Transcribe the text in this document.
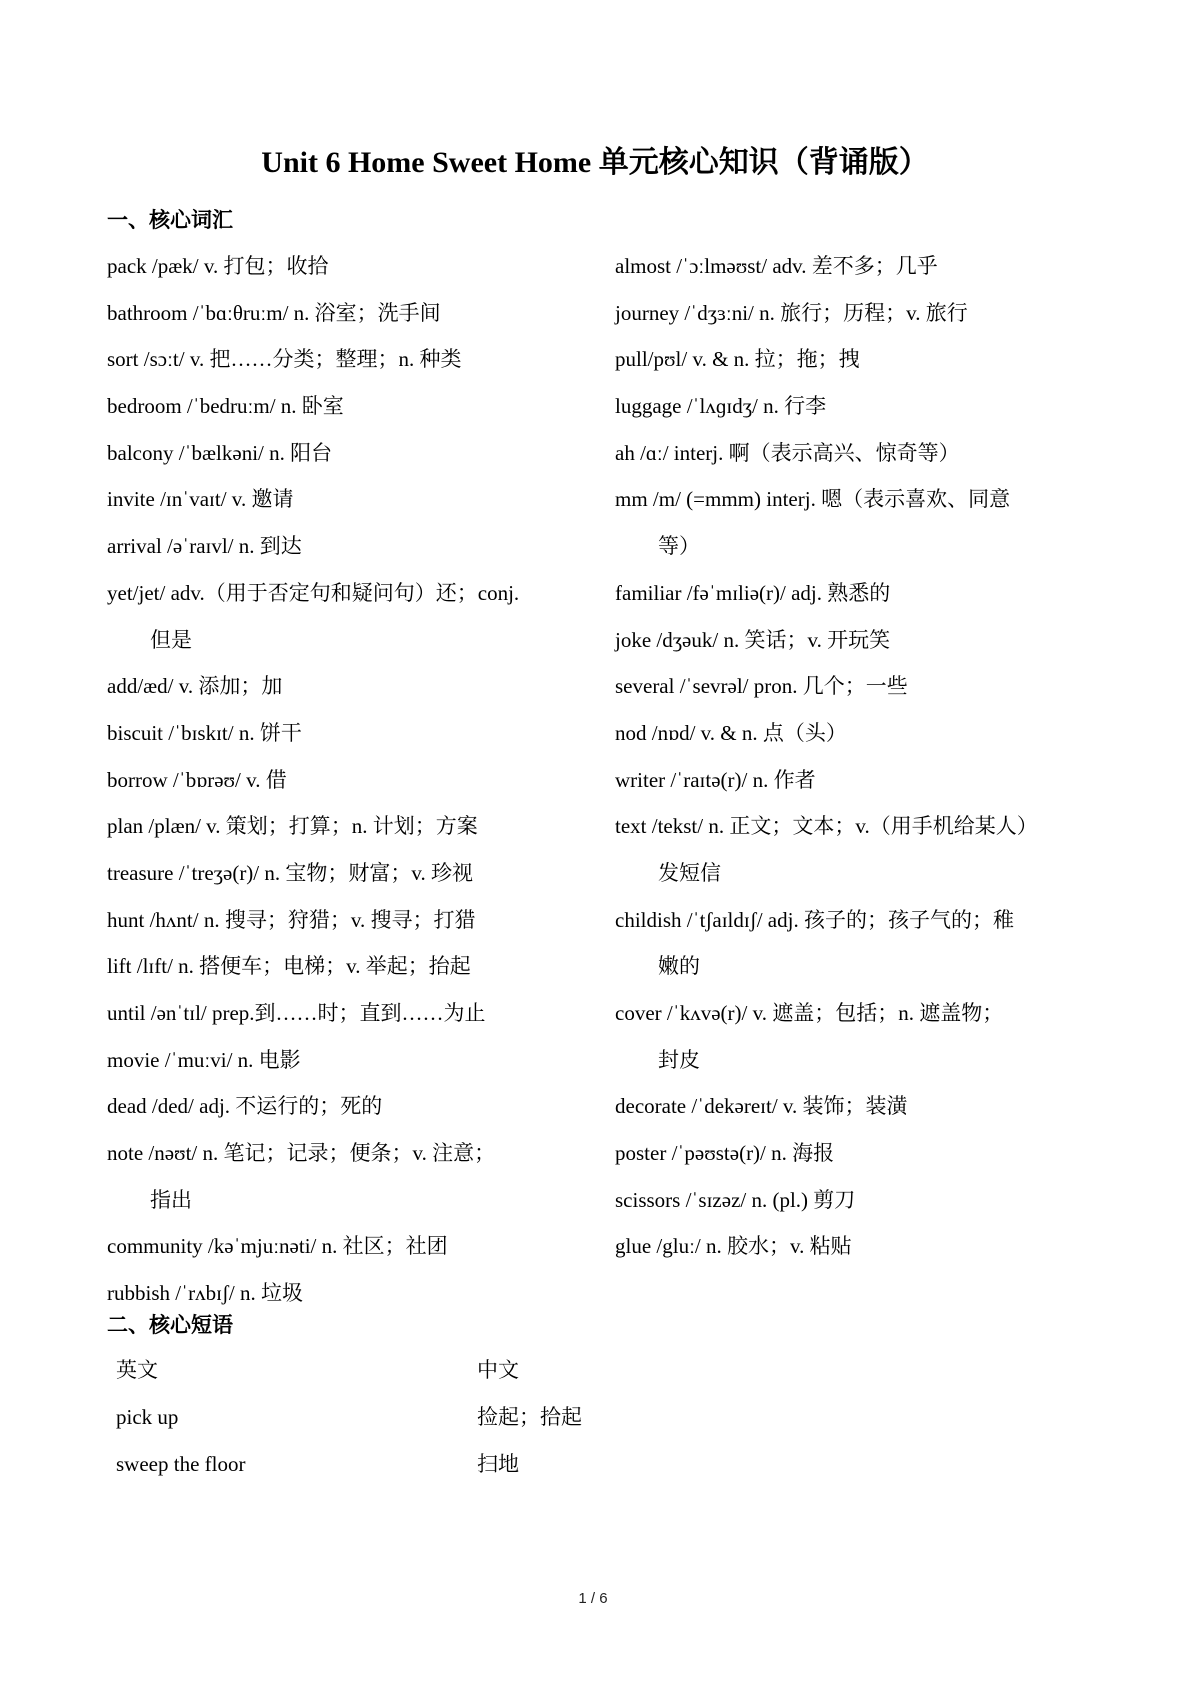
Unit 6 Home Sweet Home 单元核心知识（背诵版）
一、核心词汇
pack /pæk/ v. 打包；收拾
bathroom /ˈbɑːθruːm/ n. 浴室；洗手间
sort /sɔːt/ v. 把……分类；整理；n. 种类
bedroom /ˈbedruːm/ n. 卧室
balcony /ˈbælkəni/ n. 阳台
invite /ɪnˈvaɪt/ v. 邀请
arrival /əˈraɪvl/ n. 到达
yet/jet/ adv.（用于否定句和疑问句）还；conj.
但是
add/æd/ v. 添加；加
biscuit /ˈbɪskɪt/ n. 饼干
borrow /ˈbɒrəʊ/ v. 借
plan /plæn/ v. 策划；打算；n. 计划；方案
treasure /ˈtreʒə(r)/ n. 宝物；财富；v. 珍视
hunt /hʌnt/ n. 搜寻；狩猎；v. 搜寻；打猎
lift /lɪft/ n. 搭便车；电梯；v. 举起；抬起
until /ənˈtɪl/ prep.到……时；直到……为止
movie /ˈmuːvi/ n. 电影
dead /ded/ adj. 不运行的；死的
note /nəʊt/ n. 笔记；记录；便条；v. 注意；
指出
community /kəˈmjuːnəti/ n. 社区；社团
rubbish /ˈrʌbɪʃ/ n. 垃圾
almost /ˈɔːlməʊst/ adv. 差不多；几乎
journey /ˈdʒɜːni/ n. 旅行；历程；v. 旅行
pull/pʊl/ v. & n. 拉；拖；拽
luggage /ˈlʌɡɪdʒ/ n. 行李
ah /ɑː/ interj. 啊（表示高兴、惊奇等）
mm /m/ (=mmm) interj. 嗯（表示喜欢、同意
等）
familiar /fəˈmɪliə(r)/ adj. 熟悉的
joke /dʒəuk/ n. 笑话；v. 开玩笑
several /ˈsevrəl/ pron. 几个；一些
nod /nɒd/ v. & n. 点（头）
writer /ˈraɪtə(r)/ n. 作者
text /tekst/ n. 正文；文本；v.（用手机给某人）
发短信
childish /ˈtʃaɪldɪʃ/ adj. 孩子的；孩子气的；稚
嫩的
cover /ˈkʌvə(r)/ v. 遮盖；包括；n. 遮盖物；
封皮
decorate /ˈdekəreɪt/ v. 装饰；装潢
poster /ˈpəʊstə(r)/ n. 海报
scissors /ˈsɪzəz/ n. (pl.) 剪刀
glue /gluː/ n. 胶水；v. 粘贴
二、核心短语
英文	中文
pick up	捡起；拾起
sweep the floor	扫地
1 / 6
